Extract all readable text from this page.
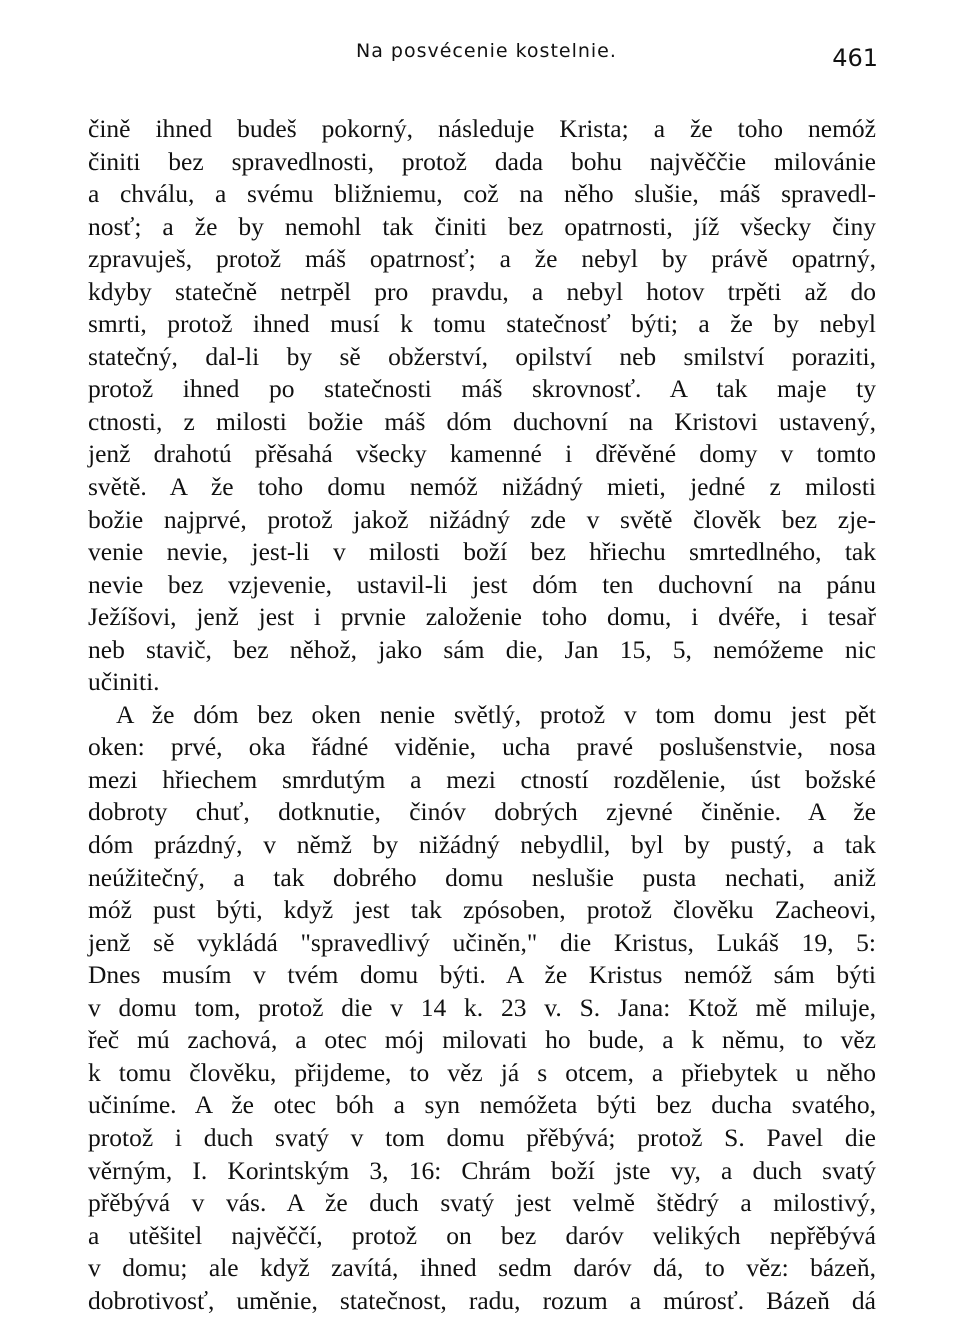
Na posvécenie kostelnie.	461
čině ihned budeš pokorný, následuje Krista; a že toho nemóž
činiti bez spravedlnosti, protož dada bohu najvěččie milovánie
a chválu, a svému bližniemu, což na něho slušie, máš spravedl-
nosť; a že by nemohl tak činiti bez opatrnosti, jíž všecky činy
zpravuješ, protož máš opatrnosť; a že nebyl by právě opatrný,
kdyby statečně netrpěl pro pravdu, a nebyl hotov trpěti až do
smrti, protož ihned musí k tomu statečnosť býti; a že by nebyl
statečný, dal-li by sě obžerství, opilství neb smilství poraziti,
protož ihned po statečnosti máš skrovnosť. A tak maje ty
ctnosti, z milosti božie máš dóm duchovní na Kristovi ustavený,
jenž drahotú přěsahá všecky kamenné i dřěvěné domy v tomto
světě. A že toho domu nemóž nižádný mieti, jedné z milosti
božie najprvé, protož jakož nižádný zde v světě člověk bez zje-
venie nevie, jest-li v milosti boží bez hřiechu smrtedlného, tak
nevie bez vzjevenie, ustavil-li jest dóm ten duchovní na pánu
Ježíšovi, jenž jest i prvnie založenie toho domu, i dvéře, i tesař
neb stavič, bez něhož, jako sám die, Jan 15, 5, nemóžeme nic
učiniti.
A že dóm bez oken nenie světlý, protož v tom domu jest pět
oken: prvé, oka řádné viděnie, ucha pravé poslušenstvie, nosa
mezi hřiechem smrdutým a mezi ctností rozdělenie, úst božské
dobroty chuť, dotknutie, činóv dobrých zjevné činěnie. A že
dóm prázdný, v němž by nižádný nebydlil, byl by pustý, a tak
neúžitečný, a tak dobrého domu neslušie pusta nechati, aniž
móž pust býti, když jest tak zpósoben, protož člověku Zacheovi,
jenž sě vykládá "spravedlivý učiněn," die Kristus, Lukáš 19, 5:
Dnes musím v tvém domu býti. A že Kristus nemóž sám býti
v domu tom, protož die v 14 k. 23 v. S. Jana: Ktož mě miluje,
řeč mú zachová, a otec mój milovati ho bude, a k němu, to věz
k tomu člověku, přijdeme, to věz já s otcem, a přiebytek u něho
učiníme. A že otec bóh a syn nemóžeta býti bez ducha svatého,
protož i duch svatý v tom domu přěbývá; protož S. Pavel die
věrným, I. Korintským 3, 16: Chrám boží jste vy, a duch svatý
přěbývá v vás. A že duch svatý jest velmě štědrý a milostivý,
a utěšitel najvěččí, protož on bez daróv velikých nepřěbývá
v domu; ale když zavítá, ihned sedm daróv dá, to věz: bázeň,
dobrotivosť, uměnie, statečnost, radu, rozum a múrosť. Bázeň dá
